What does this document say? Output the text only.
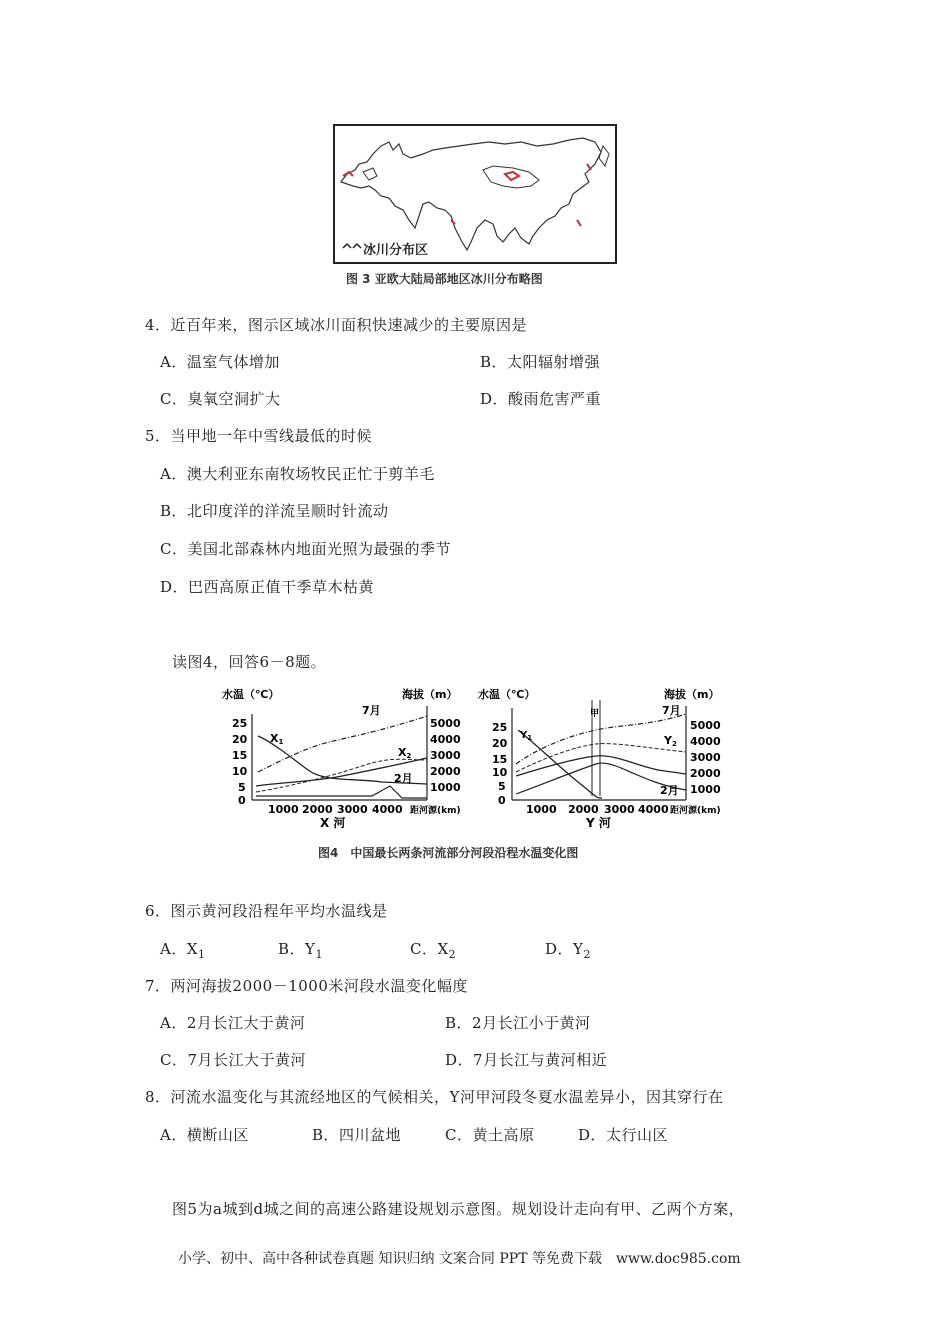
冰川分布区
图 3 亚欧大陆局部地区冰川分布略图
4．近百年来，图示区域冰川面积快速减少的主要原因是
A．温室气体增加	B．太阳辐射增强
C．臭氧空洞扩大	D．酸雨危害严重
5．当甲地一年中雪线最低的时候
A．澳大利亚东南牧场牧民正忙于剪羊毛
B．北印度洋的洋流呈顺时针流动
C．美国北部森林内地面光照为最强的季节
D．巴西高原正值干季草木枯黄
读图4，回答6－8题。
水温（℃）	海拔（m）
7月
25
20
15
10
5
0
5000
4000
3000
2000
1000
1000 2000 3000 4000 距河源(km)
X1
X2
2月
X 河
水温（℃）	海拔（m）
7月
甲
25
20
15
10
5
0
5000
4000
3000
2000
1000
1000 2000 3000 4000 距河源(km)
$Y_1$	Y2
2月
Y 河
图4　中国最长两条河流部分河段沿程水温变化图
6．图示黄河段沿程年平均水温线是
A．$X_1$	B．$Y_1$	C．$X_2$	D．$Y_2$
7．两河海拔2000－1000米河段水温变化幅度
A．2月长江大于黄河	B．2月长江小于黄河
C．7月长江大于黄河	D．7月长江与黄河相近
8．河流水温变化与其流经地区的气候相关，Y河甲河段冬夏水温差异小，因其穿行在
A．横断山区	B．四川盆地	C．黄土高原	D．太行山区
图5为a城到d城之间的高速公路建设规划示意图。规划设计走向有甲、乙两个方案，
小学、初中、高中各种试卷真题 知识归纳 文案合同 PPT 等免费下载　www.doc985.com
